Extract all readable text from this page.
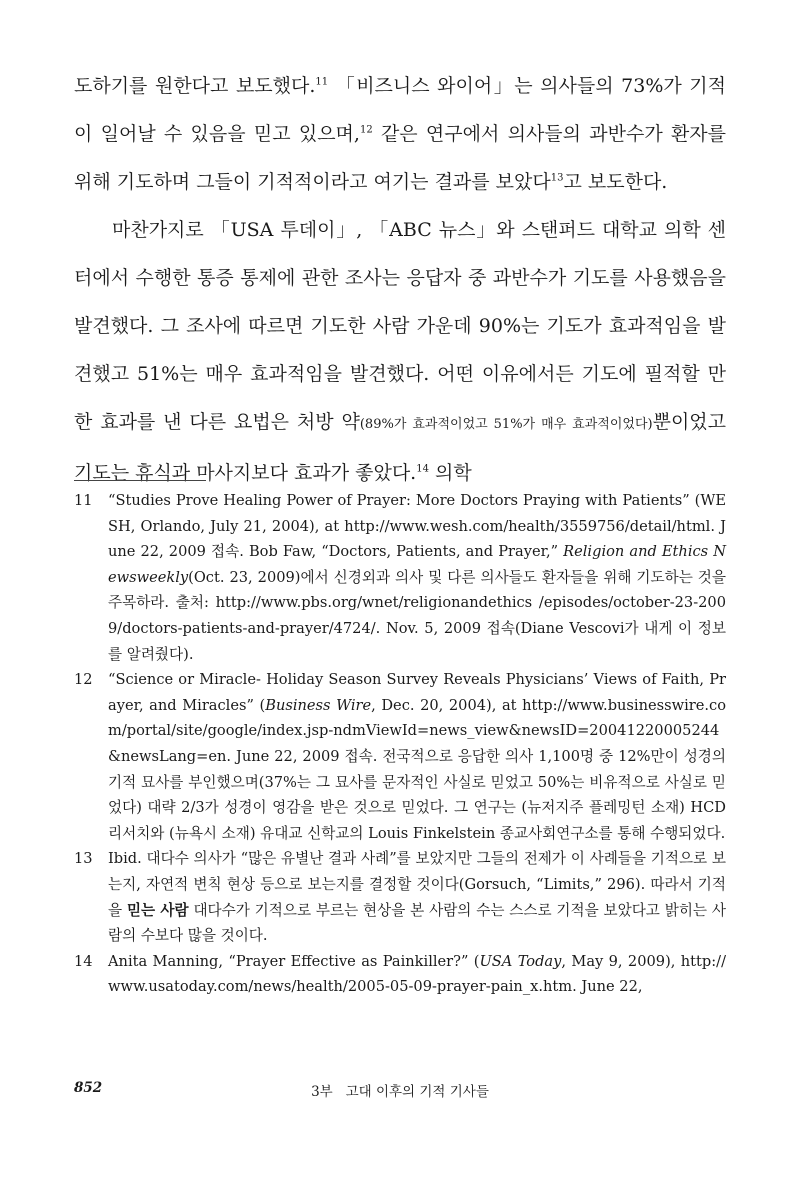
도하기를 원한다고 보도했다.$^{11}$ 「비즈니스 와이어」는 의사들의 73%가 기적이 일어날 수 있음을 믿고 있으며,$^{12}$ 같은 연구에서 의사들의 과반수가 환자를 위해 기도하며 그들이 기적적이라고 여기는 결과를 보았다$^{13}$고 보도한다.

마찬가지로 「USA 투데이」, 「ABC 뉴스」와 스탠퍼드 대학교 의학 센터에서 수행한 통증 통제에 관한 조사는 응답자 중 과반수가 기도를 사용했음을 발견했다. 그 조사에 따르면 기도한 사람 가운데 90%는 기도가 효과적임을 발견했고 51%는 매우 효과적임을 발견했다. 어떤 이유에서든 기도에 필적할 만한 효과를 낸 다른 요법은 처방 약(89%가 효과적이었고 51%가 매우 효과적이었다)뿐이었고 기도는 휴식과 마사지보다 효과가 좋았다.$^{14}$ 의학

11	“Studies Prove Healing Power of Prayer: More Doctors Praying with Patients” (WESH, Orlando, July 21, 2004), at http://www.wesh.com/health/3559756/detail/html. June 22, 2009 접속. Bob Faw, “Doctors, Patients, and Prayer,” Religion and Ethics Newsweekly(Oct. 23, 2009)에서 신경외과 의사 및 다른 의사들도 환자들을 위해 기도하는 것을 주목하라. 출처: http://www.pbs.org/wnet/religionandethics /episodes/october-23-2009/doctors-patients-and-prayer/4724/. Nov. 5, 2009 접속(Diane Vescovi가 내게 이 정보를 알려줬다).
12	“Science or Miracle- Holiday Season Survey Reveals Physicians’ Views of Faith, Prayer, and Miracles” (Business Wire, Dec. 20, 2004), at http://www.businesswire.com/portal/site/google/index.jsp-ndmViewId=news_view&newsID=20041220005244&newsLang=en. June 22, 2009 접속. 전국적으로 응답한 의사 1,100명 중 12%만이 성경의 기적 묘사를 부인했으며(37%는 그 묘사를 문자적인 사실로 믿었고 50%는 비유적으로 사실로 믿었다) 대략 2/3가 성경이 영감을 받은 것으로 믿었다. 그 연구는 (뉴저지주 플레밍턴 소재) HCD 리서치와 (뉴욕시 소재) 유대교 신학교의 Louis Finkelstein 종교사회연구소를 통해 수행되었다.
13	Ibid. 대다수 의사가 “많은 유별난 결과 사례”를 보았지만 그들의 전제가 이 사례들을 기적으로 보는지, 자연적 변칙 현상 등으로 보는지를 결정할 것이다(Gorsuch, “Limits,” 296). 따라서 기적을 믿는 사람 대다수가 기적으로 부르는 현상을 본 사람의 수는 스스로 기적을 보았다고 밝히는 사람의 수보다 많을 것이다.
14	Anita Manning, “Prayer Effective as Painkiller?” (USA Today, May 9, 2009), http://www.usatoday.com/news/health/2005-05-09-prayer-pain_x.htm. June 22,
852	3부   고대 이후의 기적 기사들
